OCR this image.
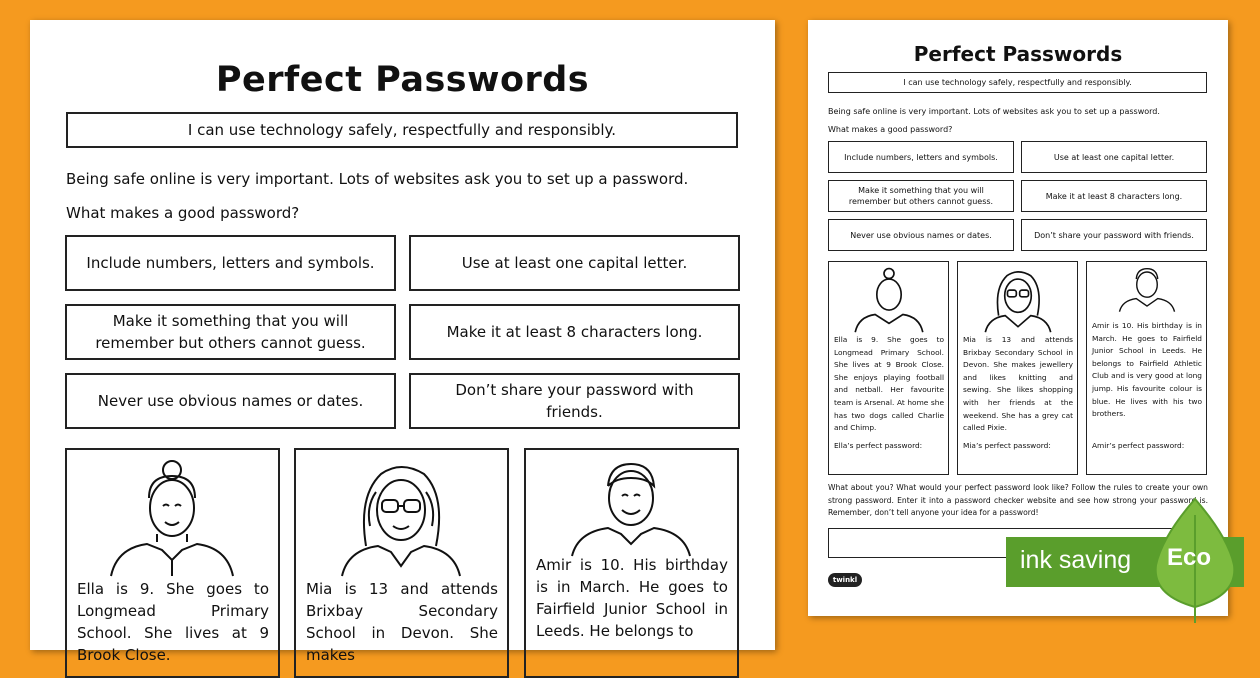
Perfect Passwords
I can use technology safely, respectfully and responsibly.
Being safe online is very important. Lots of websites ask you to set up a password.
What makes a good password?
Include numbers, letters and symbols.	Use at least one capital letter.
Make it something that you will remember but others cannot guess.
Make it at least 8 characters long.
Never use obvious names or dates.
Don’t share your password with friends.
Ella is 9. She goes to Longmead Primary School. She lives at 9 Brook Close.
Mia is 13 and attends Brixbay Secondary School in Devon. She makes
Amir is 10. His birthday is in March. He goes to Fairfield Junior School in Leeds. He belongs to
Perfect Passwords
I can use technology safely, respectfully and responsibly.
Being safe online is very important. Lots of websites ask you to set up a password.
What makes a good password?
Include numbers, letters and symbols.	Use at least one capital letter.
Make it something that you will remember but others cannot guess.
Make it at least 8 characters long.
Never use obvious names or dates.	Don’t share your password with friends.
Ella is 9. She goes to Longmead Primary School. She lives at 9 Brook Close. She enjoys playing football and netball. Her favourite team is Arsenal. At home she has two dogs called Charlie and Chimp.
Ella’s perfect password:
Mia is 13 and attends Brixbay Secondary School in Devon. She makes jewellery and likes knitting and sewing. She likes shopping with her friends at the weekend. She has a grey cat called Pixie.
Mia’s perfect password:
Amir is 10. His birthday is in March. He goes to Fairfield Junior School in Leeds. He belongs to Fairfield Athletic Club and is very good at long jump. His favourite colour is blue. He lives with his two brothers.
Amir’s perfect password:
What about you? What would your perfect password look like? Follow the rules to create your own strong password. Enter it into a password checker website and see how strong your password is. Remember, don’t tell anyone your idea for a password!
twinkl
ink saving Eco
